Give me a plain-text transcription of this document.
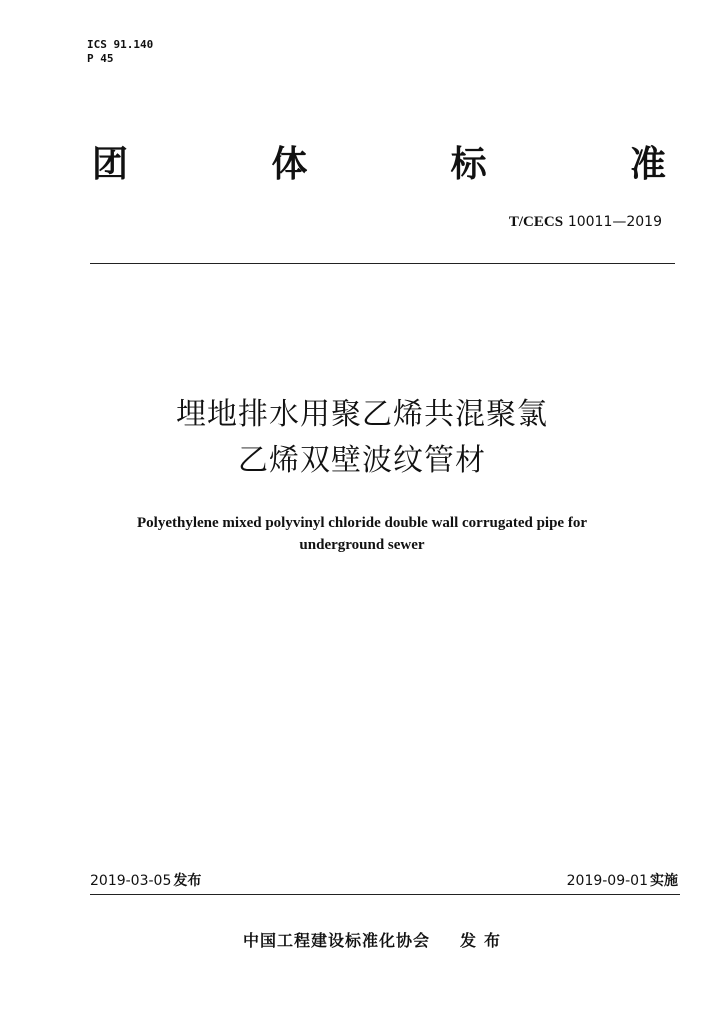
ICS 91.140
P 45
团	体	标	准
T/CECS 10011—2019
埋地排水用聚乙烯共混聚氯
乙烯双壁波纹管材
Polyethylene mixed polyvinyl chloride double wall corrugated pipe for underground sewer
2019-03-05 发布	2019-09-01 实施
中国工程建设标准化协会 发布
